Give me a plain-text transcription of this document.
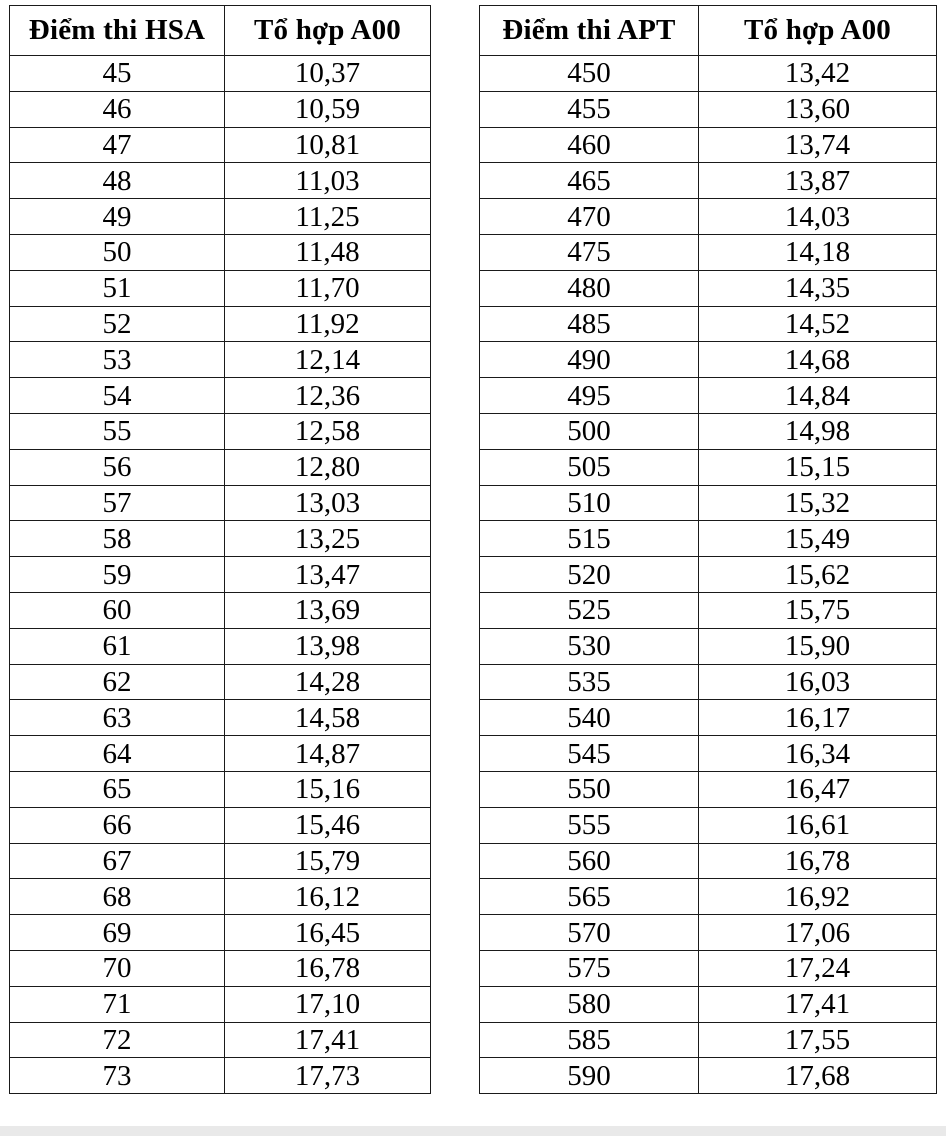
Điểm thi HSA	Tổ hợp A00
45	10,37
46	10,59
47	10,81
48	11,03
49	11,25
50	11,48
51	11,70
52	11,92
53	12,14
54	12,36
55	12,58
56	12,80
57	13,03
58	13,25
59	13,47
60	13,69
61	13,98
62	14,28
63	14,58
64	14,87
65	15,16
66	15,46
67	15,79
68	16,12
69	16,45
70	16,78
71	17,10
72	17,41
73	17,73
Điểm thi APT	Tổ hợp A00
450	13,42
455	13,60
460	13,74
465	13,87
470	14,03
475	14,18
480	14,35
485	14,52
490	14,68
495	14,84
500	14,98
505	15,15
510	15,32
515	15,49
520	15,62
525	15,75
530	15,90
535	16,03
540	16,17
545	16,34
550	16,47
555	16,61
560	16,78
565	16,92
570	17,06
575	17,24
580	17,41
585	17,55
590	17,68
